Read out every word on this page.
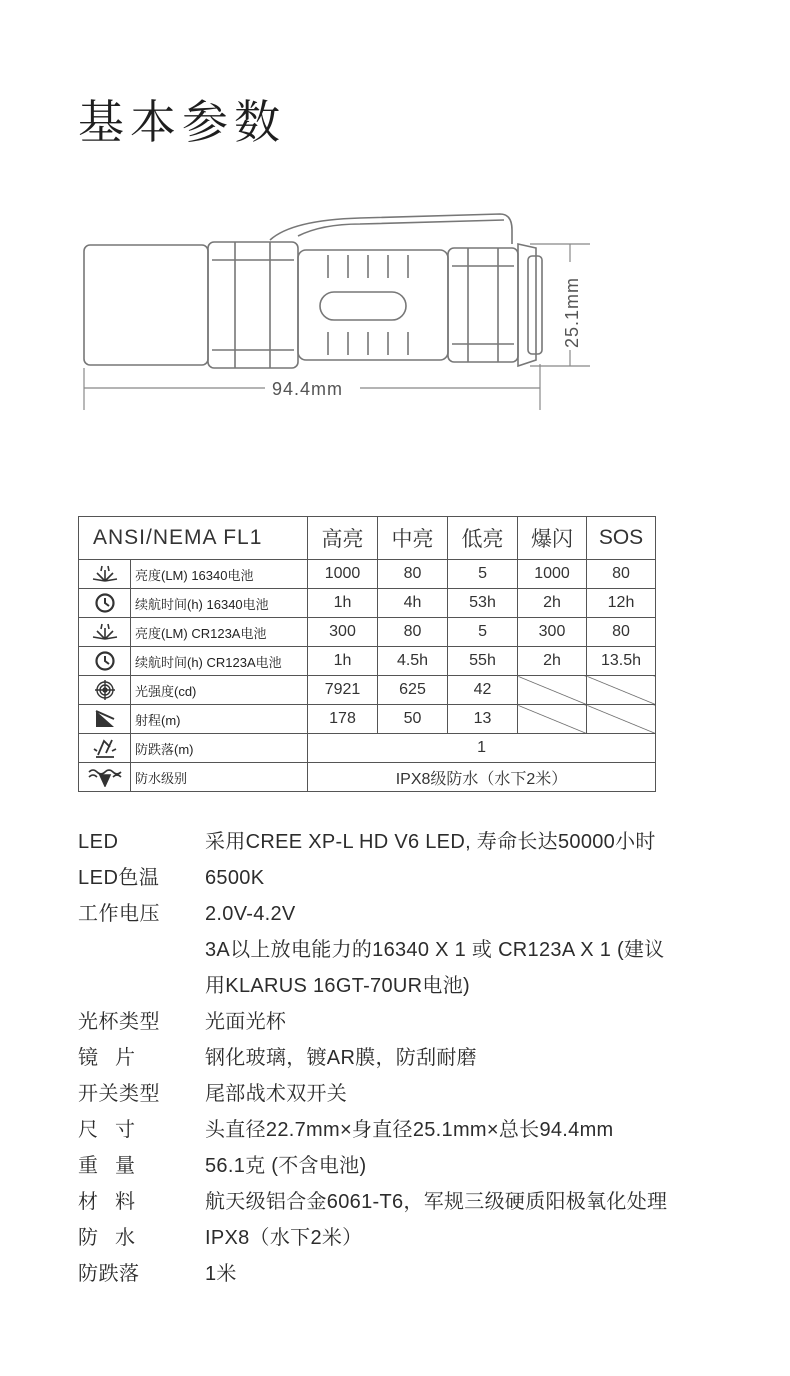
基本参数
94.4mm
25.1mm
ANSI/NEMA FL1		高亮	中亮	低亮	爆闪	SOS

	亮度(LM) 16340电池	1000	80	5	1000	80

	续航时间(h) 16340电池	1h	4h	53h	2h	12h

	亮度(LM) CR123A电池	300	80	5	300	80

	续航时间(h) CR123A电池	1h	4.5h	55h	2h	13.5h

	光强度(cd)	7921	625	42		

	射程(m)	178	50	13		

	防跌落(m)	1				

	防水级别	IPX8级防水（水下2米）				
LED	采用CREE XP-L HD V6 LED, 寿命长达50000小时
LED色温	6500K
工作电压	2.0V-4.2V
3A以上放电能力的16340 X 1 或 CR123A X 1 (建议
用KLARUS 16GT-70UR电池)
光杯类型	光面光杯
镜片	钢化玻璃，镀AR膜，防刮耐磨
开关类型	尾部战术双开关
尺寸	头直径22.7mm×身直径25.1mm×总长94.4mm
重量	56.1克 (不含电池)
材料	航天级铝合金6061-T6，军规三级硬质阳极氧化处理
防水	IPX8（水下2米）
防跌落	1米
